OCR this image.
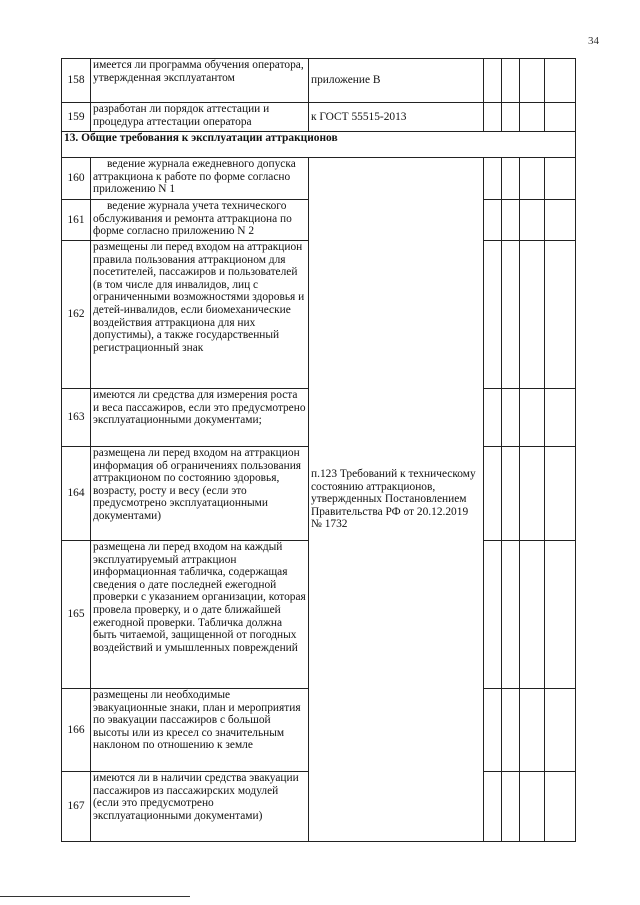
34
158	имеется ли программа обучения оператора, утвержденная эксплуатантом	приложение В				
159	разработан ли порядок аттестации и процедура аттестации оператора	к ГОСТ 55515-2013				
13. Общие требования к эксплуатации аттракционов						
160	ведение журнала ежедневного допуска аттракциона к работе по форме согласно приложению N 1	п.123 Требований к техническому состоянию аттракционов, утвержденных Постановлением Правительства РФ от 20.12.2019 № 1732				
161	ведение журнала учета технического обслуживания и ремонта аттракциона по форме согласно приложению N 2					
162	размещены ли перед входом на аттракцион правила пользования аттракционом для посетителей, пассажиров и пользователей (в том числе для инвалидов, лиц с ограниченными возможностями здоровья и детей-инвалидов, если биомеханические воздействия аттракциона для них допустимы), а также государственный регистрационный знак					
163	имеются ли средства для измерения роста и веса пассажиров, если это предусмотрено эксплуатационными документами;					
164	размещена ли перед входом на аттракцион информация об ограничениях пользования аттракционом по состоянию здоровья, возрасту, росту и весу (если это предусмотрено эксплуатационными документами)					
165	размещена ли перед входом на каждый эксплуатируемый аттракцион информационная табличка, содержащая сведения о дате последней ежегодной проверки с указанием организации, которая провела проверку, и о дате ближайшей ежегодной проверки. Табличка должна быть читаемой, защищенной от погодных воздействий и умышленных повреждений					
166	размещены ли необходимые эвакуационные знаки, план и мероприятия по эвакуации пассажиров с большой высоты или из кресел со значительным наклоном по отношению к земле					
167	имеются ли в наличии средства эвакуации пассажиров из пассажирских модулей (если это предусмотрено эксплуатационными документами)					
